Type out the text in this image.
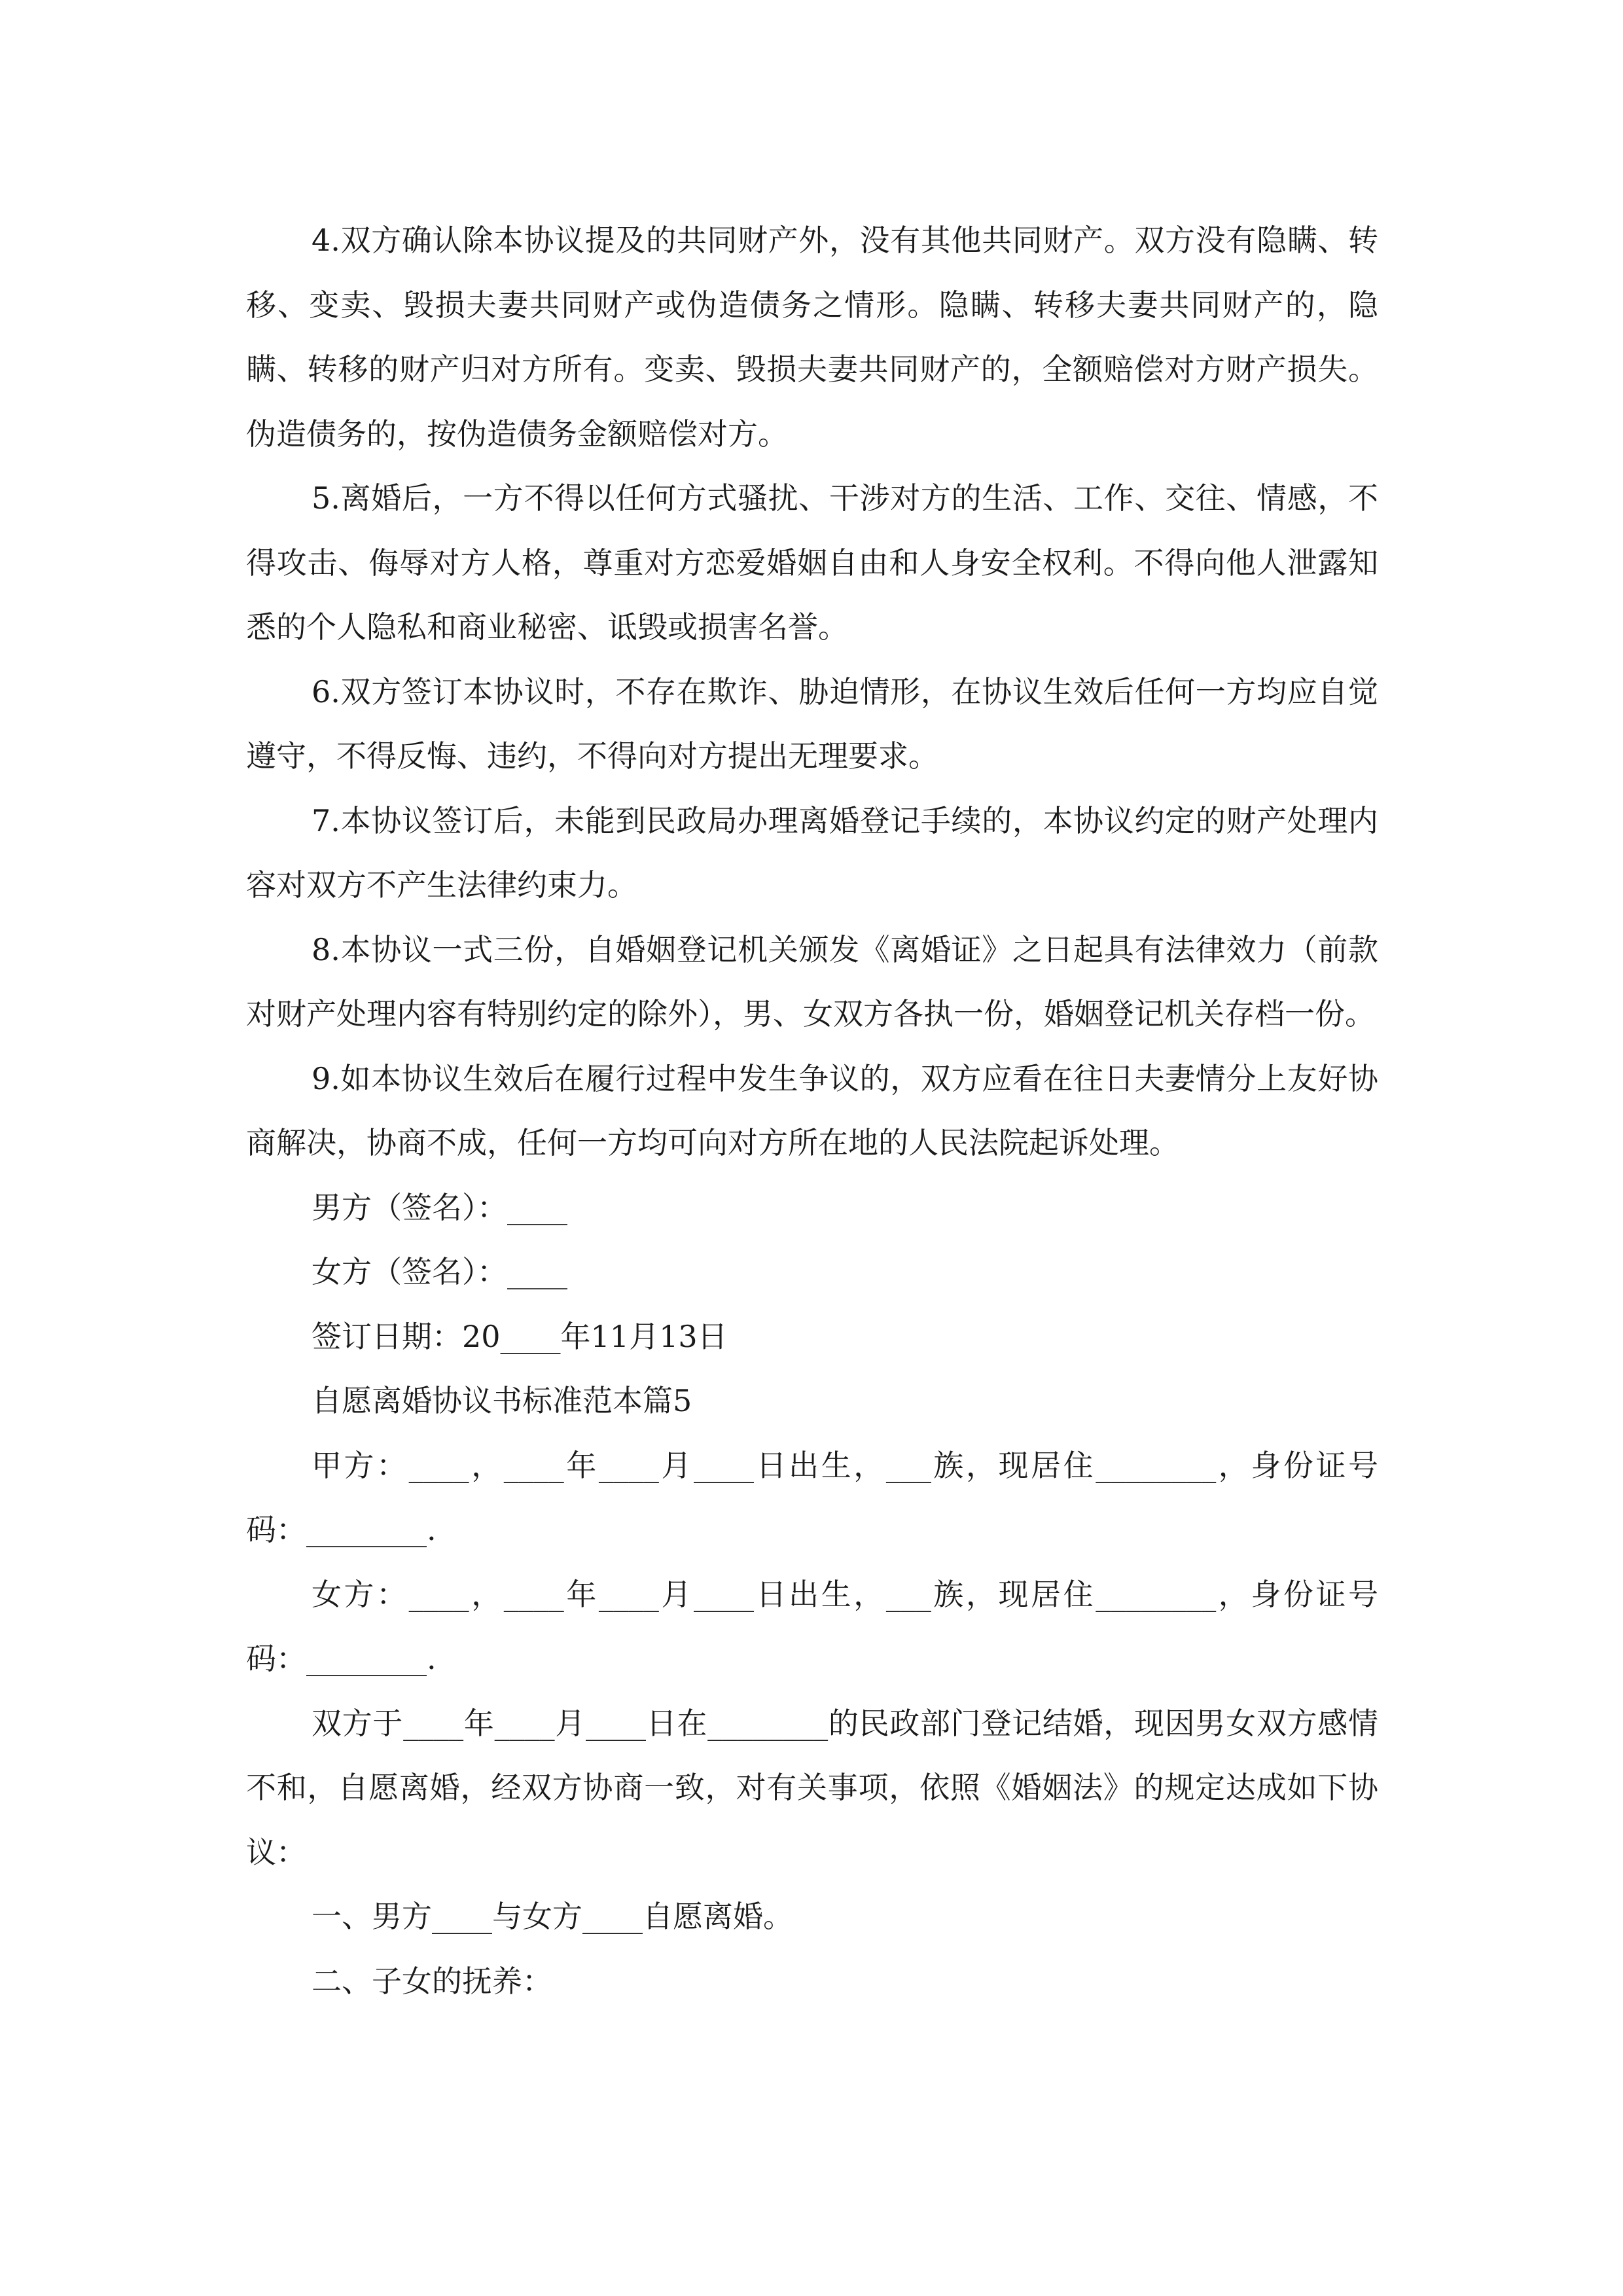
4.双方确认除本协议提及的共同财产外，没有其他共同财产。双方没有隐瞒、转移、变卖、毁损夫妻共同财产或伪造债务之情形。隐瞒、转移夫妻共同财产的，隐瞒、转移的财产归对方所有。变卖、毁损夫妻共同财产的，全额赔偿对方财产损失。伪造债务的，按伪造债务金额赔偿对方。

5.离婚后，一方不得以任何方式骚扰、干涉对方的生活、工作、交往、情感，不得攻击、侮辱对方人格，尊重对方恋爱婚姻自由和人身安全权利。不得向他人泄露知悉的个人隐私和商业秘密、诋毁或损害名誉。

6.双方签订本协议时，不存在欺诈、胁迫情形，在协议生效后任何一方均应自觉遵守，不得反悔、违约，不得向对方提出无理要求。

7.本协议签订后，未能到民政局办理离婚登记手续的，本协议约定的财产处理内容对双方不产生法律约束力。

8.本协议一式三份，自婚姻登记机关颁发《离婚证》之日起具有法律效力（前款对财产处理内容有特别约定的除外），男、女双方各执一份，婚姻登记机关存档一份。

9.如本协议生效后在履行过程中发生争议的，双方应看在往日夫妻情分上友好协商解决，协商不成，任何一方均可向对方所在地的人民法院起诉处理。

男方（签名）：____

女方（签名）：____

签订日期：20____年11月13日

自愿离婚协议书标准范本篇5

甲方：____，____年____月____日出生，___族，现居住________，身份证号码：________.

女方：____，____年____月____日出生，___族，现居住________，身份证号码：________.

双方于____年____月____日在________的民政部门登记结婚，现因男女双方感情不和，自愿离婚，经双方协商一致，对有关事项，依照《婚姻法》的规定达成如下协议：

一、男方____与女方____自愿离婚。

二、子女的抚养：
